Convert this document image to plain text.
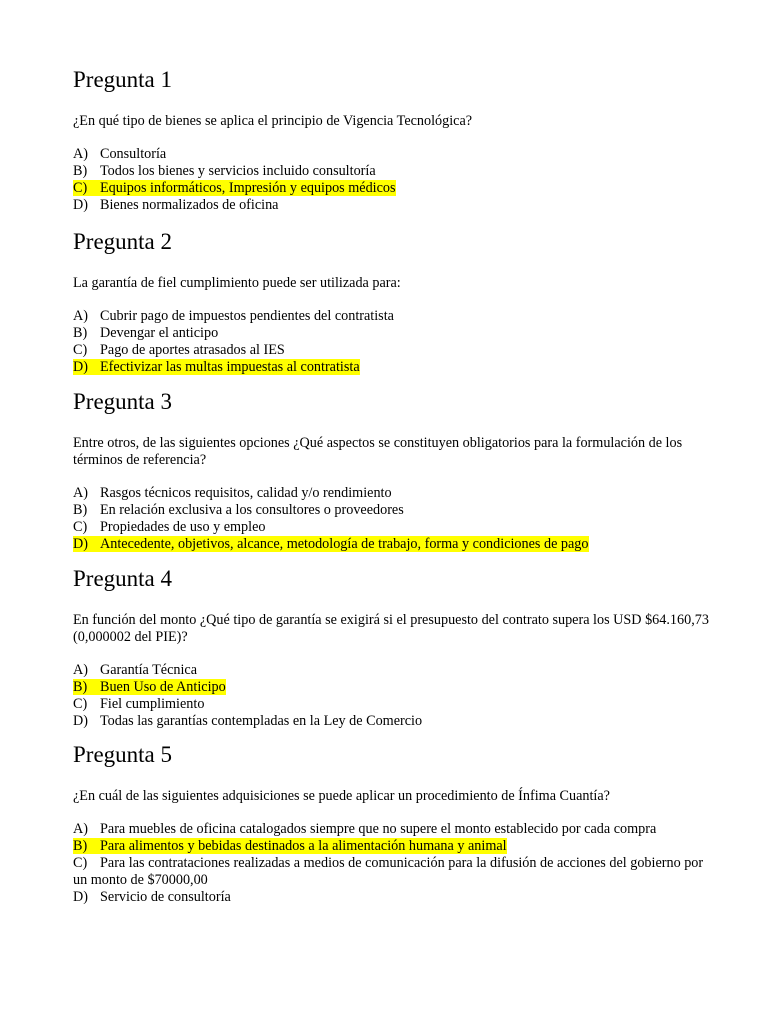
Pregunta 1

¿En qué tipo de bienes se aplica el principio de Vigencia Tecnológica?

A) Consultoría
B) Todos los bienes y servicios incluido consultoría
C) Equipos informáticos, Impresión y equipos médicos
D) Bienes normalizados de oficina
Pregunta 2

La garantía de fiel cumplimiento puede ser utilizada para:

A) Cubrir pago de impuestos pendientes del contratista
B) Devengar el anticipo
C) Pago de aportes atrasados al IES
D) Efectivizar las multas impuestas al contratista
Pregunta 3

Entre otros, de las siguientes opciones ¿Qué aspectos se constituyen obligatorios para la formulación de los términos de referencia?

A) Rasgos técnicos requisitos, calidad y/o rendimiento
B) En relación exclusiva a los consultores o proveedores
C) Propiedades de uso y empleo
D) Antecedente, objetivos, alcance, metodología de trabajo, forma y condiciones de pago
Pregunta 4

En función del monto ¿Qué tipo de garantía se exigirá si el presupuesto del contrato supera los USD $64.160,73 (0,000002 del PIE)?

A) Garantía Técnica
B) Buen Uso de Anticipo
C) Fiel cumplimiento
D) Todas las garantías contempladas en la Ley de Comercio
Pregunta 5

¿En cuál de las siguientes adquisiciones se puede aplicar un procedimiento de Ínfima Cuantía?

A) Para muebles de oficina catalogados siempre que no supere el monto establecido por cada compra
B) Para alimentos y bebidas destinados a la alimentación humana y animal
C) Para las contrataciones realizadas a medios de comunicación para la difusión de acciones del gobierno por un monto de $70000,00
D) Servicio de consultoría
